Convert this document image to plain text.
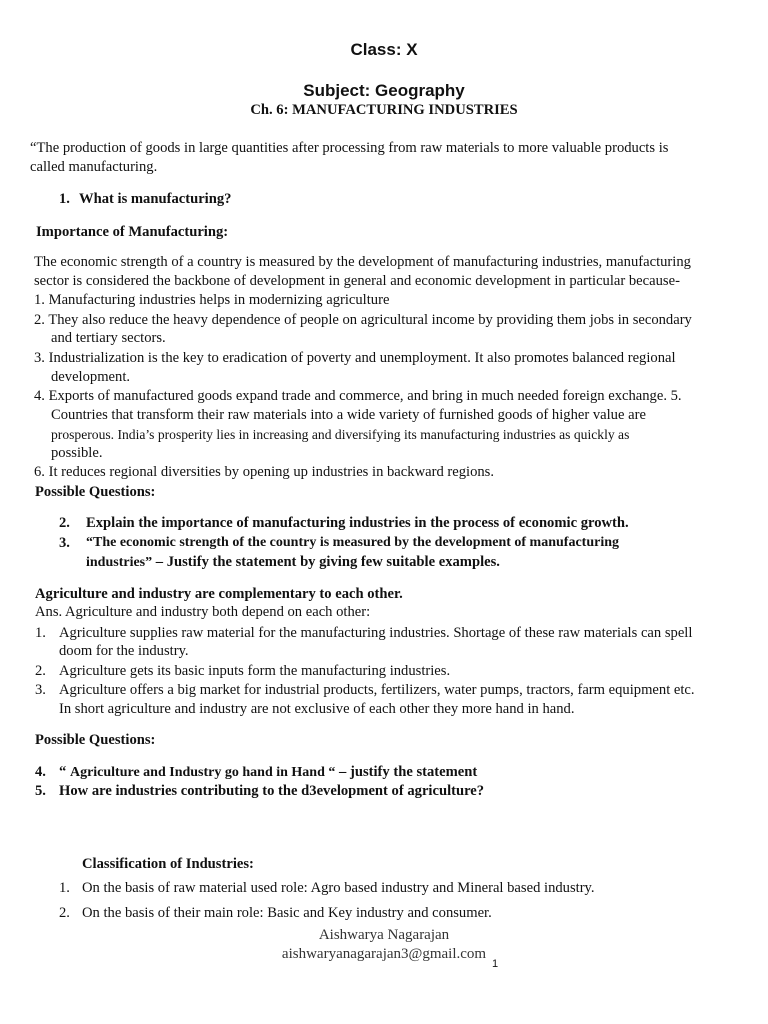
Class: X
Subject: Geography
Ch. 6: MANUFACTURING INDUSTRIES
“The production of goods in large quantities after processing from raw materials to more valuable products is
called manufacturing.
1. What is manufacturing?
Importance of Manufacturing:
The economic strength of a country is measured by the development of manufacturing industries, manufacturing
sector is considered the backbone of development in general and economic development in particular because-
1. Manufacturing industries helps in modernizing agriculture
2. They also reduce the heavy dependence of people on agricultural income by providing them jobs in secondary
and tertiary sectors.
3. Industrialization is the key to eradication of poverty and unemployment. It also promotes balanced regional
development.
4. Exports of manufactured goods expand trade and commerce, and bring in much needed foreign exchange. 5.
Countries that transform their raw materials into a wide variety of furnished goods of higher value are
prosperous. India’s prosperity lies in increasing and diversifying its manufacturing industries as quickly as
possible.
6. It reduces regional diversities by opening up industries in backward regions.
Possible Questions:
2. Explain the importance of manufacturing industries in the process of economic growth.
3. “The economic strength of the country is measured by the development of manufacturing
industries” – Justify the statement by giving few suitable examples.
Agriculture and industry are complementary to each other.
Ans. Agriculture and industry both depend on each other:
1. Agriculture supplies raw material for the manufacturing industries. Shortage of these raw materials can spell
doom for the industry.
2. Agriculture gets its basic inputs form the manufacturing industries.
3. Agriculture offers a big market for industrial products, fertilizers, water pumps, tractors, farm equipment etc.
In short agriculture and industry are not exclusive of each other they more hand in hand.
Possible Questions:
4. “ Agriculture and Industry go hand in Hand “ – justify the statement
5. How are industries contributing to the d3evelopment of agriculture?
Classification of Industries:
1. On the basis of raw material used role: Agro based industry and Mineral based industry.
2. On the basis of their main role: Basic and Key industry and consumer.
Aishwarya Nagarajan
aishwaryanagarajan3@gmail.com
1
